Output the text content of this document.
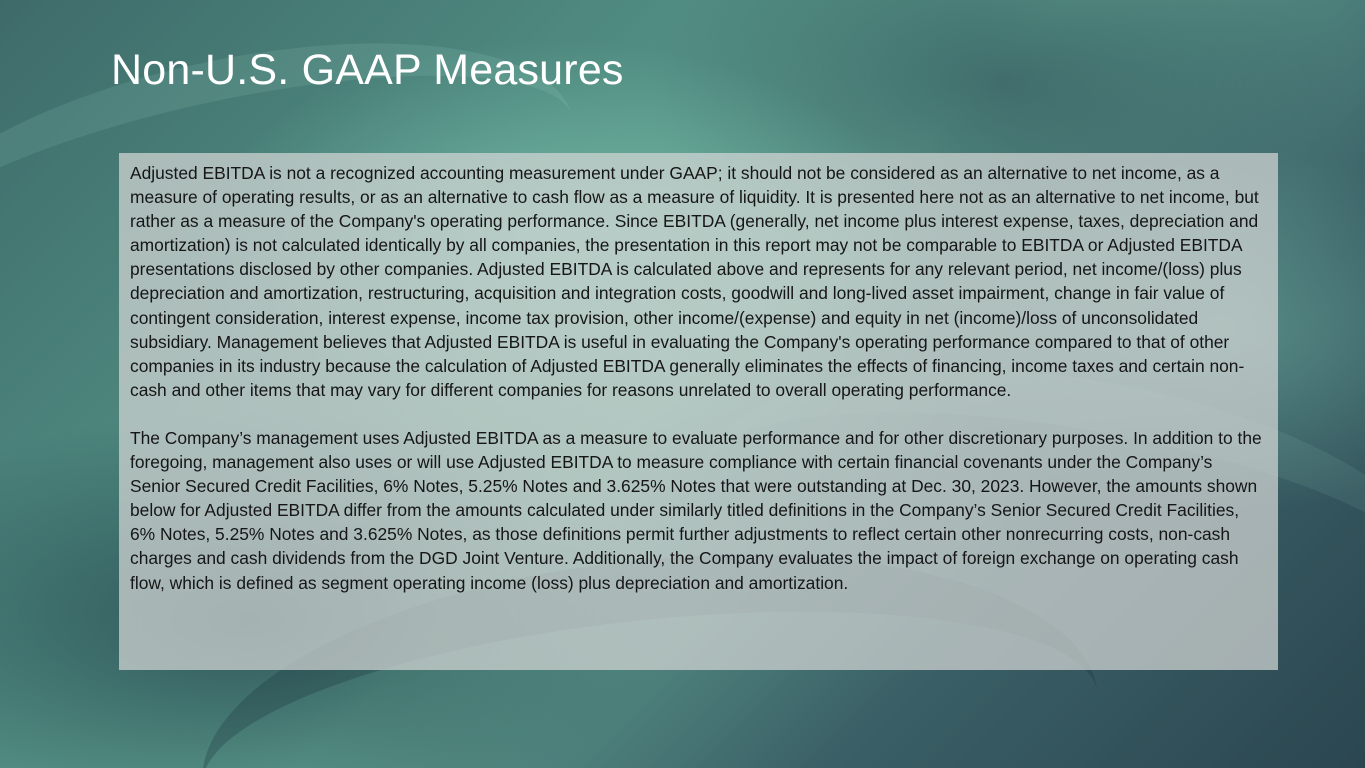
Non-U.S. GAAP Measures

Adjusted EBITDA is not a recognized accounting measurement under GAAP; it should not be considered as an alternative to net income, as a measure of operating results, or as an alternative to cash flow as a measure of liquidity. It is presented here not as an alternative to net income, but rather as a measure of the Company's operating performance. Since EBITDA (generally, net income plus interest expense, taxes, depreciation and amortization) is not calculated identically by all companies, the presentation in this report may not be comparable to EBITDA or Adjusted EBITDA presentations disclosed by other companies. Adjusted EBITDA is calculated above and represents for any relevant period, net income/(loss) plus depreciation and amortization, restructuring, acquisition and integration costs, goodwill and long-lived asset impairment, change in fair value of contingent consideration, interest expense, income tax provision, other income/(expense) and equity in net (income)/loss of unconsolidated subsidiary. Management believes that Adjusted EBITDA is useful in evaluating the Company's operating performance compared to that of other companies in its industry because the calculation of Adjusted EBITDA generally eliminates the effects of financing, income taxes and certain non-cash and other items that may vary for different companies for reasons unrelated to overall operating performance.

The Company’s management uses Adjusted EBITDA as a measure to evaluate performance and for other discretionary purposes. In addition to the foregoing, management also uses or will use Adjusted EBITDA to measure compliance with certain financial covenants under the Company’s Senior Secured Credit Facilities, 6% Notes, 5.25% Notes and 3.625% Notes that were outstanding at Dec. 30, 2023. However, the amounts shown below for Adjusted EBITDA differ from the amounts calculated under similarly titled definitions in the Company’s Senior Secured Credit Facilities, 6% Notes, 5.25% Notes and 3.625% Notes, as those definitions permit further adjustments to reflect certain other nonrecurring costs, non-cash charges and cash dividends from the DGD Joint Venture. Additionally, the Company evaluates the impact of foreign exchange on operating cash flow, which is defined as segment operating income (loss) plus depreciation and amortization.
